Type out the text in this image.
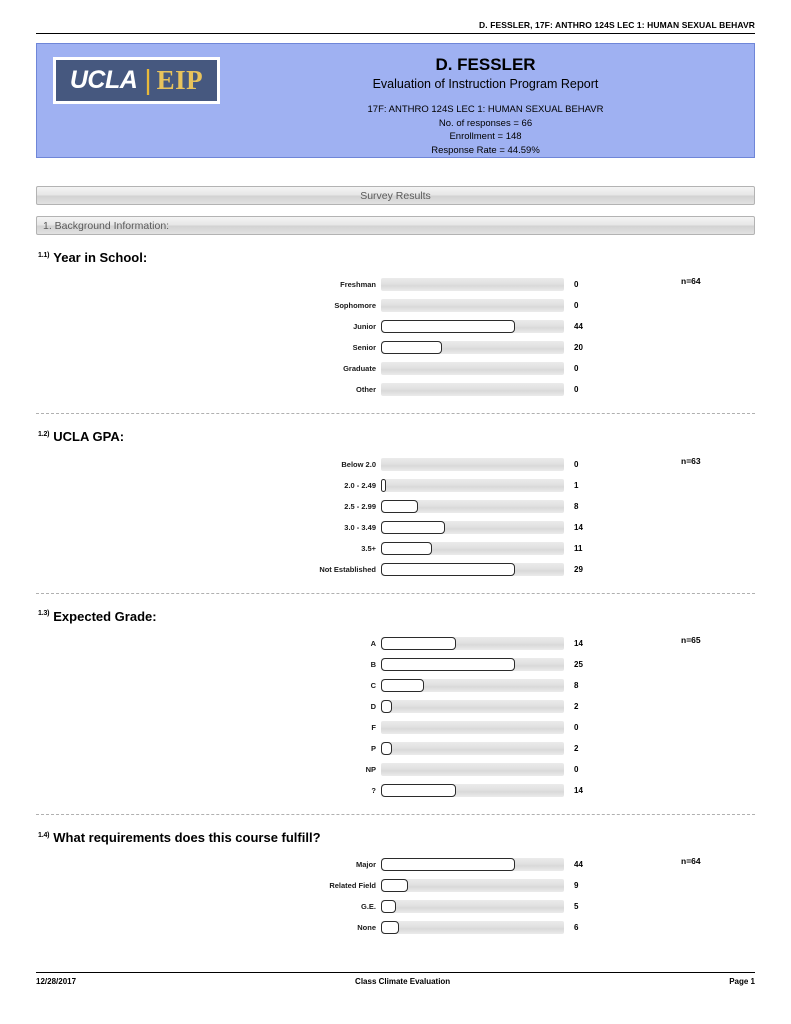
D. FESSLER, 17F: ANTHRO 124S LEC 1: HUMAN SEXUAL BEHAVR
UCLA | EIP
D. FESSLER
Evaluation of Instruction Program Report
17F: ANTHRO 124S LEC 1: HUMAN SEXUAL BEHAVR
No. of responses = 66
Enrollment = 148
Response Rate = 44.59%
Survey Results
1. Background Information:
$^{1.1)}$ Year in School:
Freshman	0
Sophomore	0
Junior	44
Senior	20
Graduate	0
Other	0
n=64
$^{1.2)}$ UCLA GPA:
Below 2.0	0
2.0 - 2.49	1
2.5 - 2.99	8
3.0 - 3.49	14
3.5+	11
Not Established	29
n=63
$^{1.3)}$ Expected Grade:
A	14
B	25
C	8
D	2
F	0
P	2
NP	0
?	14
n=65
$^{1.4)}$ What requirements does this course fulfill?
Major	44
Related Field	9
G.E.	5
None	6
n=64
12/28/2017	Class Climate Evaluation	Page 1
